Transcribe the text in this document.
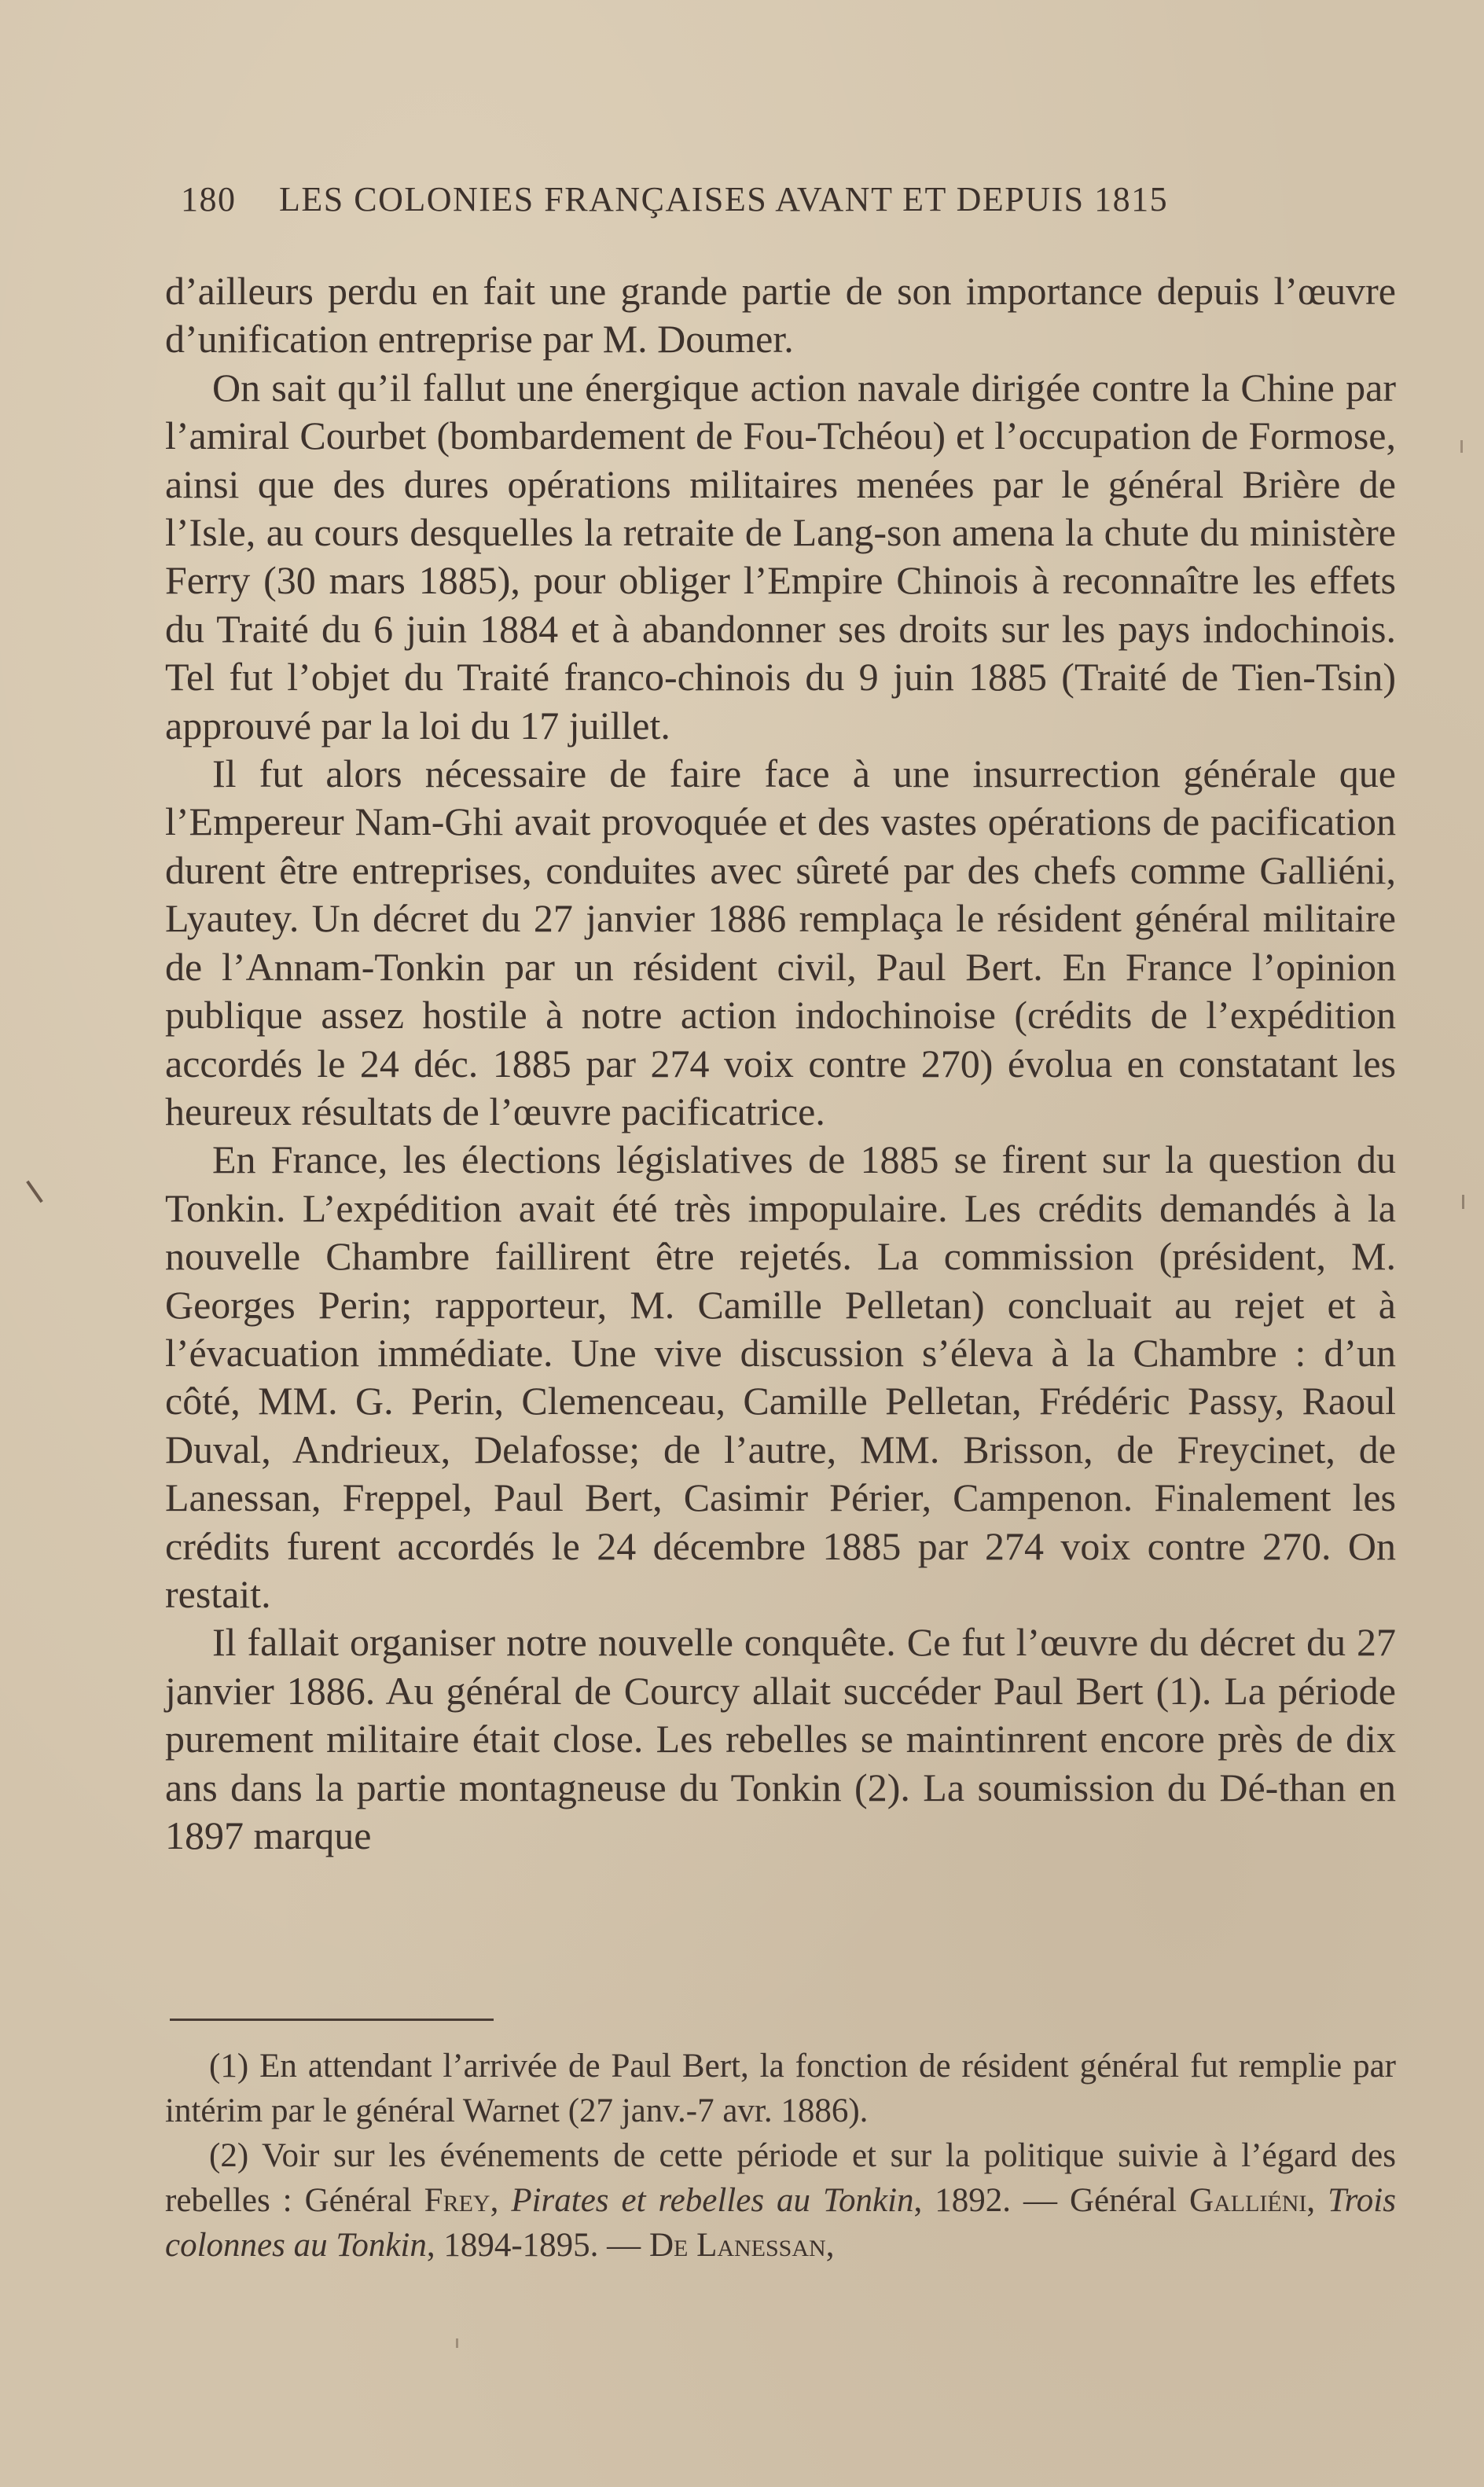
180 LES COLONIES FRANÇAISES AVANT ET DEPUIS 1815

d’ailleurs perdu en fait une grande partie de son importance depuis l’œuvre d’unification entreprise par M. Doumer.

On sait qu’il fallut une énergique action navale dirigée contre la Chine par l’amiral Courbet (bombardement de Fou-Tchéou) et l’occupation de Formose, ainsi que des dures opérations militaires menées par le général Brière de l’Isle, au cours desquelles la retraite de Lang-son amena la chute du ministère Ferry (30 mars 1885), pour obliger l’Empire Chinois à reconnaître les effets du Traité du 6 juin 1884 et à abandonner ses droits sur les pays indochinois. Tel fut l’objet du Traité franco-chinois du 9 juin 1885 (Traité de Tien-Tsin) approuvé par la loi du 17 juillet.

Il fut alors nécessaire de faire face à une insurrection générale que l’Empereur Nam-Ghi avait provoquée et des vastes opérations de pacification durent être entreprises, conduites avec sûreté par des chefs comme Galliéni, Lyautey. Un décret du 27 janvier 1886 remplaça le résident général militaire de l’Annam-Tonkin par un résident civil, Paul Bert. En France l’opinion publique assez hostile à notre action indochinoise (crédits de l’expédition accordés le 24 déc. 1885 par 274 voix contre 270) évolua en constatant les heureux résultats de l’œuvre pacificatrice.

En France, les élections législatives de 1885 se firent sur la question du Tonkin. L’expédition avait été très impopulaire. Les crédits demandés à la nouvelle Chambre faillirent être rejetés. La commission (président, M. Georges Perin; rapporteur, M. Camille Pelletan) concluait au rejet et à l’évacuation immédiate. Une vive discussion s’éleva à la Chambre : d’un côté, MM. G. Perin, Clemenceau, Camille Pelletan, Frédéric Passy, Raoul Duval, Andrieux, Delafosse; de l’autre, MM. Brisson, de Freycinet, de Lanessan, Freppel, Paul Bert, Casimir Périer, Campenon. Finalement les crédits furent accordés le 24 décembre 1885 par 274 voix contre 270. On restait.

Il fallait organiser notre nouvelle conquête. Ce fut l’œuvre du décret du 27 janvier 1886. Au général de Courcy allait succéder Paul Bert (1). La période purement militaire était close. Les rebelles se maintinrent encore près de dix ans dans la partie montagneuse du Tonkin (2). La soumission du Dé-than en 1897 marque

(1) En attendant l’arrivée de Paul Bert, la fonction de résident général fut remplie par intérim par le général Warnet (27 janv.-7 avr. 1886).

(2) Voir sur les événements de cette période et sur la politique suivie à l’égard des rebelles : Général Frey, Pirates et rebelles au Tonkin, 1892. — Général Galliéni, Trois colonnes au Tonkin, 1894-1895. — De Lanessan,
